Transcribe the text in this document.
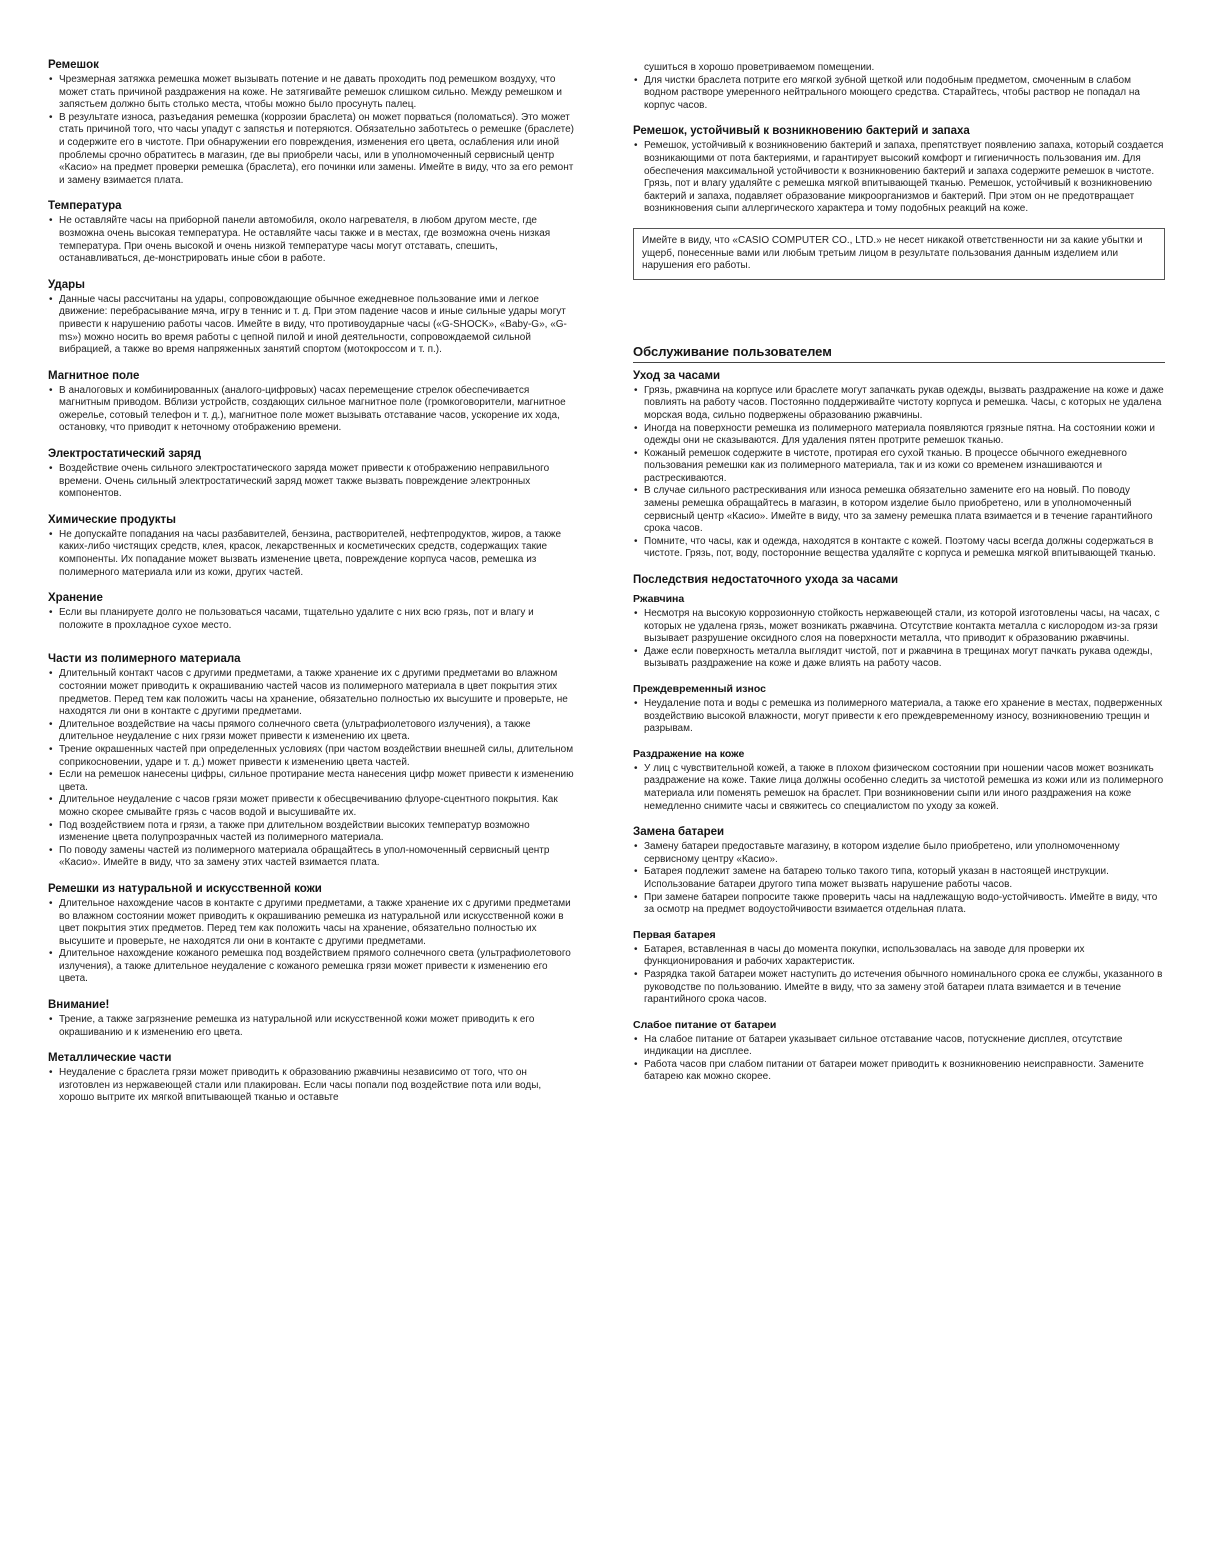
Ремешок
• Чрезмерная затяжка ремешка может вызывать потение и не давать проходить под ремешком воздуху, что может стать причиной раздражения на коже. Не затягивайте ремешок слишком сильно. Между ремешком и запястьем должно быть столько места, чтобы можно было просунуть палец.
• В результате износа, разъедания ремешка (коррозии браслета) он может порваться (поломаться). Это может стать причиной того, что часы упадут с запястья и потеряются. Обязательно заботьтесь о ремешке (браслете) и содержите его в чистоте. При обнаружении его повреждения, изменения его цвета, ослабления или иной проблемы срочно обратитесь в магазин, где вы приобрели часы, или в уполномоченный сервисный центр «Касио» на предмет проверки ремешка (браслета), его починки или замены. Имейте в виду, что за его ремонт и замену взимается плата.
Температура
• Не оставляйте часы на приборной панели автомобиля, около нагревателя, в любом другом месте, где возможна очень высокая температура. Не оставляйте часы также и в местах, где возможна очень низкая температура. При очень высокой и очень низкой температуре часы могут отставать, спешить, останавливаться, де-монстрировать иные сбои в работе.
Удары
• Данные часы рассчитаны на удары, сопровождающие обычное ежедневное пользование ими и легкое движение: перебрасывание мяча, игру в теннис и т. д. При этом падение часов и иные сильные удары могут привести к нарушению работы часов. Имейте в виду, что противоударные часы («G-SHOCK», «Baby-G», «G-ms») можно носить во время работы с цепной пилой и иной деятельности, сопровождаемой сильной вибрацией, а также во время напряженных занятий спортом (мотокроссом и т. п.).
Магнитное поле
• В аналоговых и комбинированных (аналого-цифровых) часах перемещение стрелок обеспечивается магнитным приводом. Вблизи устройств, создающих сильное магнитное поле (громкоговорители, магнитное ожерелье, сотовый телефон и т. д.), магнитное поле может вызывать отставание часов, ускорение их хода, остановку, что приводит к неточному отображению времени.
Электростатический заряд
• Воздействие очень сильного электростатического заряда может привести к отображению неправильного времени. Очень сильный электростатический заряд может также вызвать повреждение электронных компонентов.
Химические продукты
• Не допускайте попадания на часы разбавителей, бензина, растворителей, нефтепродуктов, жиров, а также каких-либо чистящих средств, клея, красок, лекарственных и косметических средств, содержащих такие компоненты. Их попадание может вызвать изменение цвета, повреждение корпуса часов, ремешка из полимерного материала или из кожи, других частей.
Хранение
• Если вы планируете долго не пользоваться часами, тщательно удалите с них всю грязь, пот и влагу и положите в прохладное сухое место.
Части из полимерного материала
• Длительный контакт часов с другими предметами, а также хранение их с другими предметами во влажном состоянии может приводить к окрашиванию частей часов из полимерного материала в цвет покрытия этих предметов. Перед тем как положить часы на хранение, обязательно полностью их высушите и проверьте, не находятся ли они в контакте с другими предметами.
• Длительное воздействие на часы прямого солнечного света (ультрафиолетового излучения), а также длительное неудаление с них грязи может привести к изменению их цвета.
• Трение окрашенных частей при определенных условиях (при частом воздействии внешней силы, длительном соприкосновении, ударе и т. д.) может привести к изменению цвета частей.
• Если на ремешок нанесены цифры, сильное протирание места нанесения цифр может привести к изменению цвета.
• Длительное неудаление с часов грязи может привести к обесцвечиванию флуоре-сцентного покрытия. Как можно скорее смывайте грязь с часов водой и высушивайте их.
• Под воздействием пота и грязи, а также при длительном воздействии высоких температур возможно изменение цвета полупрозрачных частей из полимерного материала.
• По поводу замены частей из полимерного материала обращайтесь в упол-номоченный сервисный центр «Касио». Имейте в виду, что за замену этих частей взимается плата.
Ремешки из натуральной и искусственной кожи
• Длительное нахождение часов в контакте с другими предметами, а также хранение их с другими предметами во влажном состоянии может приводить к окрашиванию ремешка из натуральной или искусственной кожи в цвет покрытия этих предметов. Перед тем как положить часы на хранение, обязательно полностью их высушите и проверьте, не находятся ли они в контакте с другими предметами.
• Длительное нахождение кожаного ремешка под воздействием прямого солнечного света (ультрафиолетового излучения), а также длительное неудаление с кожаного ремешка грязи может привести к изменению его цвета.
Внимание!
• Трение, а также загрязнение ремешка из натуральной или искусственной кожи может приводить к его окрашиванию и к изменению его цвета.
Металлические части
• Неудаление с браслета грязи может приводить к образованию ржавчины независимо от того, что он изготовлен из нержавеющей стали или плакирован. Если часы попали под воздействие пота или воды, хорошо вытрите их мягкой впитывающей тканью и оставьте

сушиться в хорошо проветриваемом помещении.

• Для чистки браслета потрите его мягкой зубной щеткой или подобным предметом, смоченным в слабом водном растворе умеренного нейтрального моющего средства. Старайтесь, чтобы раствор не попадал на корпус часов.
Ремешок, устойчивый к возникновению бактерий и запаха
• Ремешок, устойчивый к возникновению бактерий и запаха, препятствует появлению запаха, который создается возникающими от пота бактериями, и гарантирует высокий комфорт и гигиеничность пользования им. Для обеспечения максимальной устойчивости к возникновению бактерий и запаха содержите ремешок в чистоте. Грязь, пот и влагу удаляйте с ремешка мягкой впитывающей тканью. Ремешок, устойчивый к возникновению бактерий и запаха, подавляет образование микроорганизмов и бактерий. При этом он не предотвращает возникновения сыпи аллергического характера и тому подобных реакций на коже.
Имейте в виду, что «CASIO COMPUTER CO., LTD.» не несет никакой ответственности ни за какие убытки и ущерб, понесенные вами или любым третьим лицом в результате пользования данным изделием или нарушения его работы.
Обслуживание пользователем
Уход за часами
• Грязь, ржавчина на корпусе или браслете могут запачкать рукав одежды, вызвать раздражение на коже и даже повлиять на работу часов. Постоянно поддерживайте чистоту корпуса и ремешка. Часы, с которых не удалена морская вода, сильно подвержены образованию ржавчины.
• Иногда на поверхности ремешка из полимерного материала появляются грязные пятна. На состоянии кожи и одежды они не сказываются. Для удаления пятен протрите ремешок тканью.
• Кожаный ремешок содержите в чистоте, протирая его сухой тканью. В процессе обычного ежедневного пользования ремешки как из полимерного материала, так и из кожи со временем изнашиваются и растрескиваются.
• В случае сильного растрескивания или износа ремешка обязательно замените его на новый. По поводу замены ремешка обращайтесь в магазин, в котором изделие было приобретено, или в уполномоченный сервисный центр «Касио». Имейте в виду, что за замену ремешка плата взимается и в течение гарантийного срока часов.
• Помните, что часы, как и одежда, находятся в контакте с кожей. Поэтому часы всегда должны содержаться в чистоте. Грязь, пот, воду, посторонние вещества удаляйте с корпуса и ремешка мягкой впитывающей тканью.
Последствия недостаточного ухода за часами
Ржавчина
• Несмотря на высокую коррозионную стойкость нержавеющей стали, из которой изготовлены часы, на часах, с которых не удалена грязь, может возникать ржавчина. Отсутствие контакта металла с кислородом из-за грязи вызывает разрушение оксидного слоя на поверхности металла, что приводит к образованию ржавчины.
• Даже если поверхность металла выглядит чистой, пот и ржавчина в трещинах могут пачкать рукава одежды, вызывать раздражение на коже и даже влиять на работу часов.
Преждевременный износ
• Неудаление пота и воды с ремешка из полимерного материала, а также его хранение в местах, подверженных воздействию высокой влажности, могут привести к его преждевременному износу, возникновению трещин и разрывам.
Раздражение на коже
• У лиц с чувствительной кожей, а также в плохом физическом состоянии при ношении часов может возникать раздражение на коже. Такие лица должны особенно следить за чистотой ремешка из кожи или из полимерного материала или поменять ремешок на браслет. При возникновении сыпи или иного раздражения на коже немедленно снимите часы и свяжитесь со специалистом по уходу за кожей.
Замена батареи
• Замену батареи предоставьте магазину, в котором изделие было приобретено, или уполномоченному сервисному центру «Касио».
• Батарея подлежит замене на батарею только такого типа, который указан в настоящей инструкции. Использование батареи другого типа может вызвать нарушение работы часов.
• При замене батареи попросите также проверить часы на надлежащую водо-устойчивость. Имейте в виду, что за осмотр на предмет водоустойчивости взимается отдельная плата.
Первая батарея
• Батарея, вставленная в часы до момента покупки, использовалась на заводе для проверки их функционирования и рабочих характеристик.
• Разрядка такой батареи может наступить до истечения обычного номинального срока ее службы, указанного в руководстве по пользованию. Имейте в виду, что за замену этой батареи плата взимается и в течение гарантийного срока часов.
Слабое питание от батареи
• На слабое питание от батареи указывает сильное отставание часов, потускнение дисплея, отсутствие индикации на дисплее.
• Работа часов при слабом питании от батареи может приводить к возникновению неисправности. Замените батарею как можно скорее.
